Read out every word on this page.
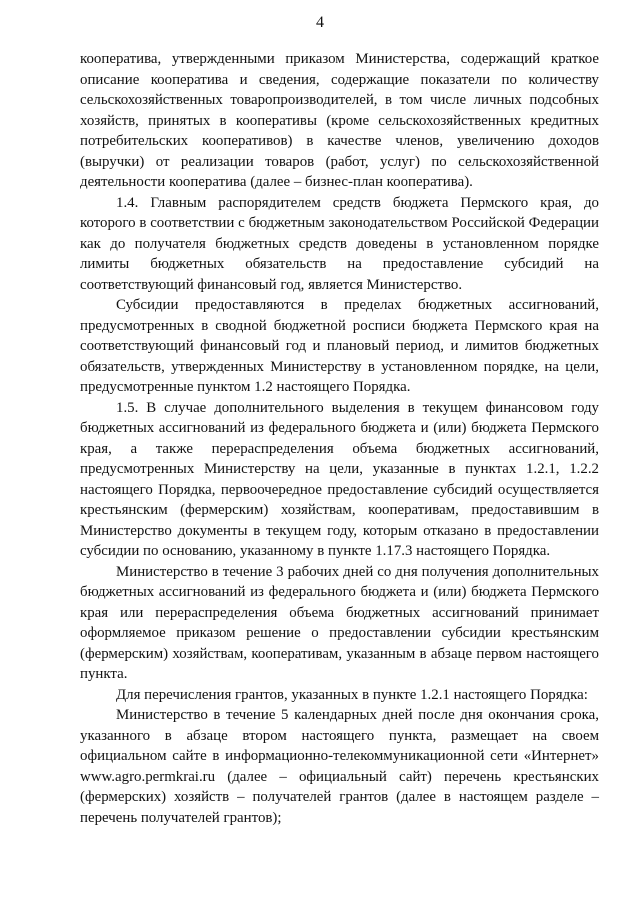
4

кооператива, утвержденными приказом Министерства, содержащий краткое описание кооператива и сведения, содержащие показатели по количеству сельскохозяйственных товаропроизводителей, в том числе личных подсобных хозяйств, принятых в кооперативы (кроме сельскохозяйственных кредитных потребительских кооперативов) в качестве членов, увеличению доходов (выручки) от реализации товаров (работ, услуг) по сельскохозяйственной деятельности кооператива (далее – бизнес-план кооператива).

1.4. Главным распорядителем средств бюджета Пермского края, до которого в соответствии с бюджетным законодательством Российской Федерации как до получателя бюджетных средств доведены в установленном порядке лимиты бюджетных обязательств на предоставление субсидий на соответствующий финансовый год, является Министерство.

Субсидии предоставляются в пределах бюджетных ассигнований, предусмотренных в сводной бюджетной росписи бюджета Пермского края на соответствующий финансовый год и плановый период, и лимитов бюджетных обязательств, утвержденных Министерству в установленном порядке, на цели, предусмотренные пунктом 1.2 настоящего Порядка.

1.5. В случае дополнительного выделения в текущем финансовом году бюджетных ассигнований из федерального бюджета и (или) бюджета Пермского края, а также перераспределения объема бюджетных ассигнований, предусмотренных Министерству на цели, указанные в пунктах 1.2.1, 1.2.2 настоящего Порядка, первоочередное предоставление субсидий осуществляется крестьянским (фермерским) хозяйствам, кооперативам, предоставившим в Министерство документы в текущем году, которым отказано в предоставлении субсидии по основанию, указанному в пункте 1.17.3 настоящего Порядка.

Министерство в течение 3 рабочих дней со дня получения дополнительных бюджетных ассигнований из федерального бюджета и (или) бюджета Пермского края или перераспределения объема бюджетных ассигнований принимает оформляемое приказом решение о предоставлении субсидии крестьянским (фермерским) хозяйствам, кооперативам, указанным в абзаце первом настоящего пункта.

Для перечисления грантов, указанных в пункте 1.2.1 настоящего Порядка:

Министерство в течение 5 календарных дней после дня окончания срока, указанного в абзаце втором настоящего пункта, размещает на своем официальном сайте в информационно-телекоммуникационной сети «Интернет» www.agro.permkrai.ru (далее – официальный сайт) перечень крестьянских (фермерских) хозяйств – получателей грантов (далее в настоящем разделе – перечень получателей грантов);
